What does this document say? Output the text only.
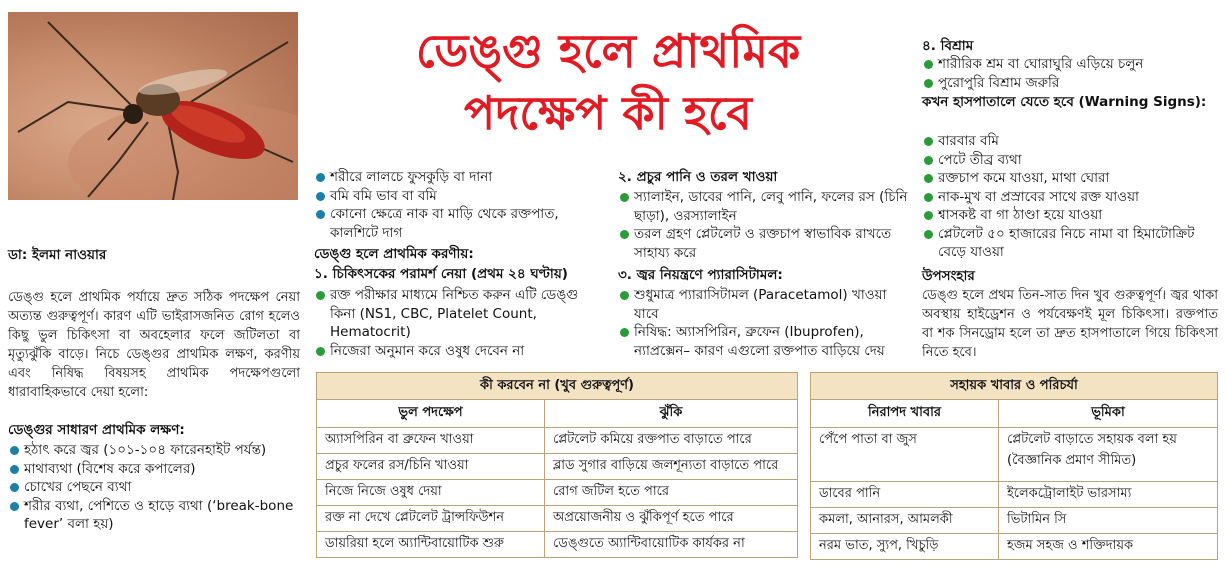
ডেঙ্গু হলে প্রাথমিক
পদক্ষেপ কী হবে
ডা: ইলমা নাওয়ার
ডেঙ্গু হলে প্রাথমিক পর্যায়ে দ্রুত সঠিক পদক্ষেপ নেয়া অত্যন্ত গুরুত্বপূর্ণ। কারণ এটি ভাইরাসজনিত রোগ হলেও কিছু ভুল চিকিৎসা বা অবহেলার ফলে জটিলতা বা মৃত্যুঝুঁকি বাড়ে। নিচে ডেঙ্গুর প্রাথমিক লক্ষণ, করণীয় এবং নিষিদ্ধ বিষয়সহ প্রাথমিক পদক্ষেপগুলো ধারাবাহিকভাবে দেয়া হলো:
ডেঙ্গুর সাধারণ প্রাথমিক লক্ষণ:
হঠাৎ করে জ্বর (১০১-১০৪ ফারেনহাইট পর্যন্ত)
মাথাব্যথা (বিশেষ করে কপালের)
চোখের পেছনে ব্যথা
শরীর ব্যথা, পেশিতে ও হাড়ে ব্যথা (‘break-bone fever’ বলা হয়)
শরীরে লালচে ফুসকুড়ি বা দানা
বমি বমি ভাব বা বমি
কোনো ক্ষেত্রে নাক বা মাড়ি থেকে রক্তপাত, কালশিটে দাগ
ডেঙ্গু হলে প্রাথমিক করণীয়:
১. চিকিৎসকের পরামর্শ নেয়া (প্রথম ২৪ ঘণ্টায়)
রক্ত পরীক্ষার মাধ্যমে নিশ্চিত করুন এটি ডেঙ্গু কিনা (NS1, CBC, Platelet Count, Hematocrit)
নিজেরা অনুমান করে ওষুধ দেবেন না
২. প্রচুর পানি ও তরল খাওয়া
স্যালাইন, ডাবের পানি, লেবু পানি, ফলের রস (চিনি ছাড়া), ওরস্যালাইন
তরল গ্রহণ প্লেটলেট ও রক্তচাপ স্বাভাবিক রাখতে সাহায্য করে
৩. জ্বর নিয়ন্ত্রণে প্যারাসিটামল:
শুধুমাত্র প্যারাসিটামল (Paracetamol) খাওয়া যাবে
নিষিদ্ধ: অ্যাসপিরিন, ব্রুফেন (Ibuprofen), ন্যাপ্রক্সেন– কারণ এগুলো রক্তপাত বাড়িয়ে দেয়
৪. বিশ্রাম
শারীরিক শ্রম বা ঘোরাঘুরি এড়িয়ে চলুন
পুরোপুরি বিশ্রাম জরুরি
কখন হাসপাতালে যেতে হবে (Warning Signs):
বারবার বমি
পেটে তীব্র ব্যথা
রক্তচাপ কমে যাওয়া, মাথা ঘোরা
নাক-মুখ বা প্রস্রাবের সাথে রক্ত যাওয়া
শ্বাসকষ্ট বা গা ঠাণ্ডা হয়ে যাওয়া
প্লেটলেট ৫০ হাজারের নিচে নামা বা হিমাটোক্রিট বেড়ে যাওয়া
উপসংহার
ডেঙ্গু হলে প্রথম তিন-সাত দিন খুব গুরুত্বপূর্ণ। জ্বর থাকা অবস্থায় হাইড্রেশন ও পর্যবেক্ষণই মূল চিকিৎসা। রক্তপাত বা শক সিনড্রোম হলে তা দ্রুত হাসপাতালে গিয়ে চিকিৎসা নিতে হবে।
কী করবেন না (খুব গুরুত্বপূর্ণ)	
ভুল পদক্ষেপ	ঝুঁকি
অ্যাসপিরিন বা ব্রুফেন খাওয়া	প্লেটলেট কমিয়ে রক্তপাত বাড়াতে পারে
প্রচুর ফলের রস/চিনি খাওয়া	ব্লাড সুগার বাড়িয়ে জলশূন্যতা বাড়াতে পারে
নিজে নিজে ওষুধ দেয়া	রোগ জটিল হতে পারে
রক্ত না দেখে প্লেটলেট ট্রান্সফিউশন	অপ্রয়োজনীয় ও ঝুঁকিপূর্ণ হতে পারে
ডায়রিয়া হলে অ্যান্টিবায়োটিক শুরু	ডেঙ্গুতে অ্যান্টিবায়োটিক কার্যকর না
সহায়ক খাবার ও পরিচর্যা	
নিরাপদ খাবার	ভূমিকা
পেঁপে পাতা বা জুস	প্লেটলেট বাড়াতে সহায়ক বলা হয় (বৈজ্ঞানিক প্রমাণ সীমিত)
ডাবের পানি	ইলেকট্রোলাইট ভারসাম্য
কমলা, আনারস, আমলকী	ভিটামিন সি
নরম ভাত, স্যুপ, খিচুড়ি	হজম সহজ ও শক্তিদায়ক
